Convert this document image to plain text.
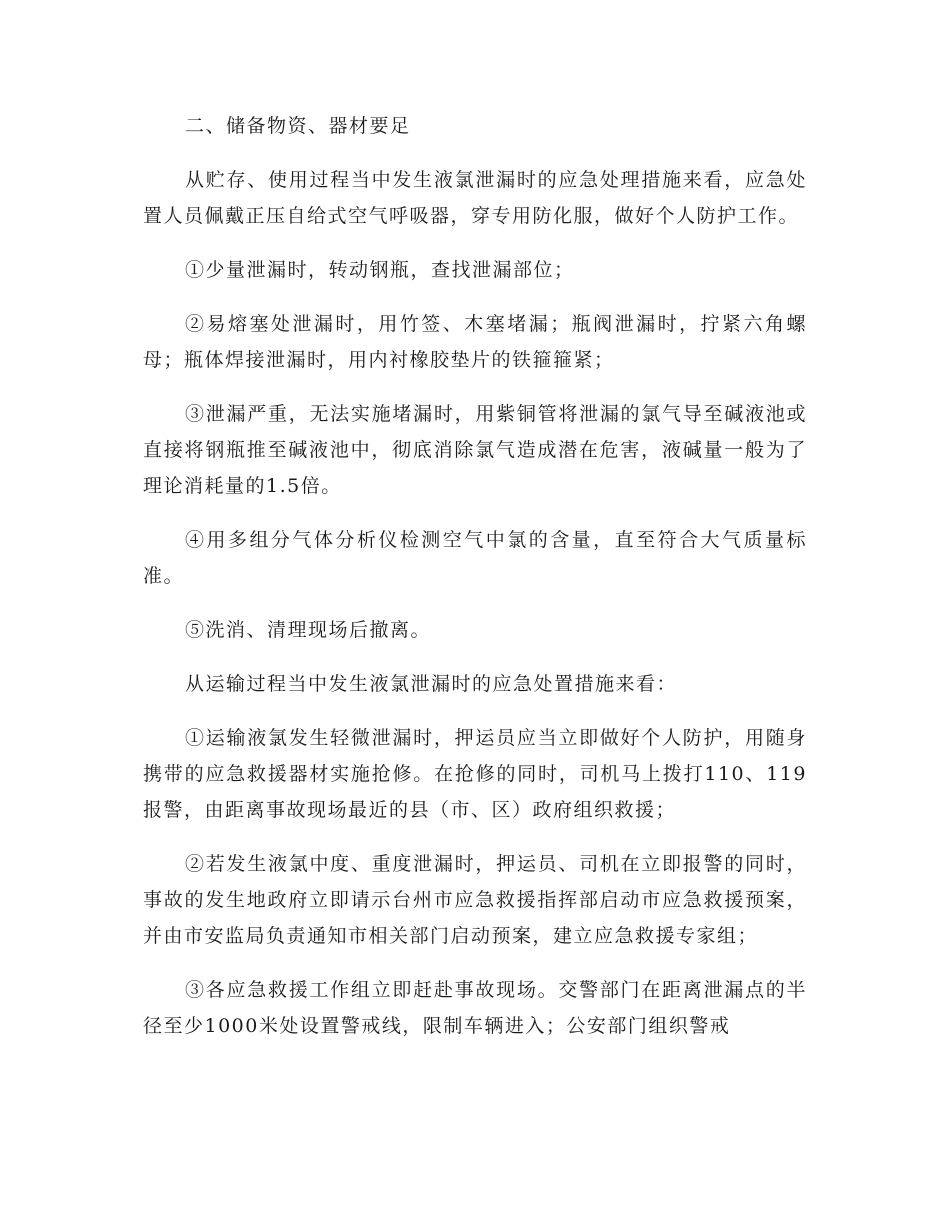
二、储备物资、器材要足

从贮存、使用过程当中发生液氯泄漏时的应急处理措施来看，应急处置人员佩戴正压自给式空气呼吸器，穿专用防化服，做好个人防护工作。

①少量泄漏时，转动钢瓶，查找泄漏部位；

②易熔塞处泄漏时，用竹签、木塞堵漏；瓶阀泄漏时，拧紧六角螺母；瓶体焊接泄漏时，用内衬橡胶垫片的铁箍箍紧；

③泄漏严重，无法实施堵漏时，用紫铜管将泄漏的氯气导至碱液池或直接将钢瓶推至碱液池中，彻底消除氯气造成潜在危害，液碱量一般为了理论消耗量的1.5倍。

④用多组分气体分析仪检测空气中氯的含量，直至符合大气质量标准。

⑤洗消、清理现场后撤离。

从运输过程当中发生液氯泄漏时的应急处置措施来看：

①运输液氯发生轻微泄漏时，押运员应当立即做好个人防护，用随身携带的应急救援器材实施抢修。在抢修的同时，司机马上拨打110、119报警，由距离事故现场最近的县（市、区）政府组织救援；

②若发生液氯中度、重度泄漏时，押运员、司机在立即报警的同时，事故的发生地政府立即请示台州市应急救援指挥部启动市应急救援预案，并由市安监局负责通知市相关部门启动预案，建立应急救援专家组；

③各应急救援工作组立即赶赴事故现场。交警部门在距离泄漏点的半径至少1000米处设置警戒线，限制车辆进入；公安部门组织警戒
